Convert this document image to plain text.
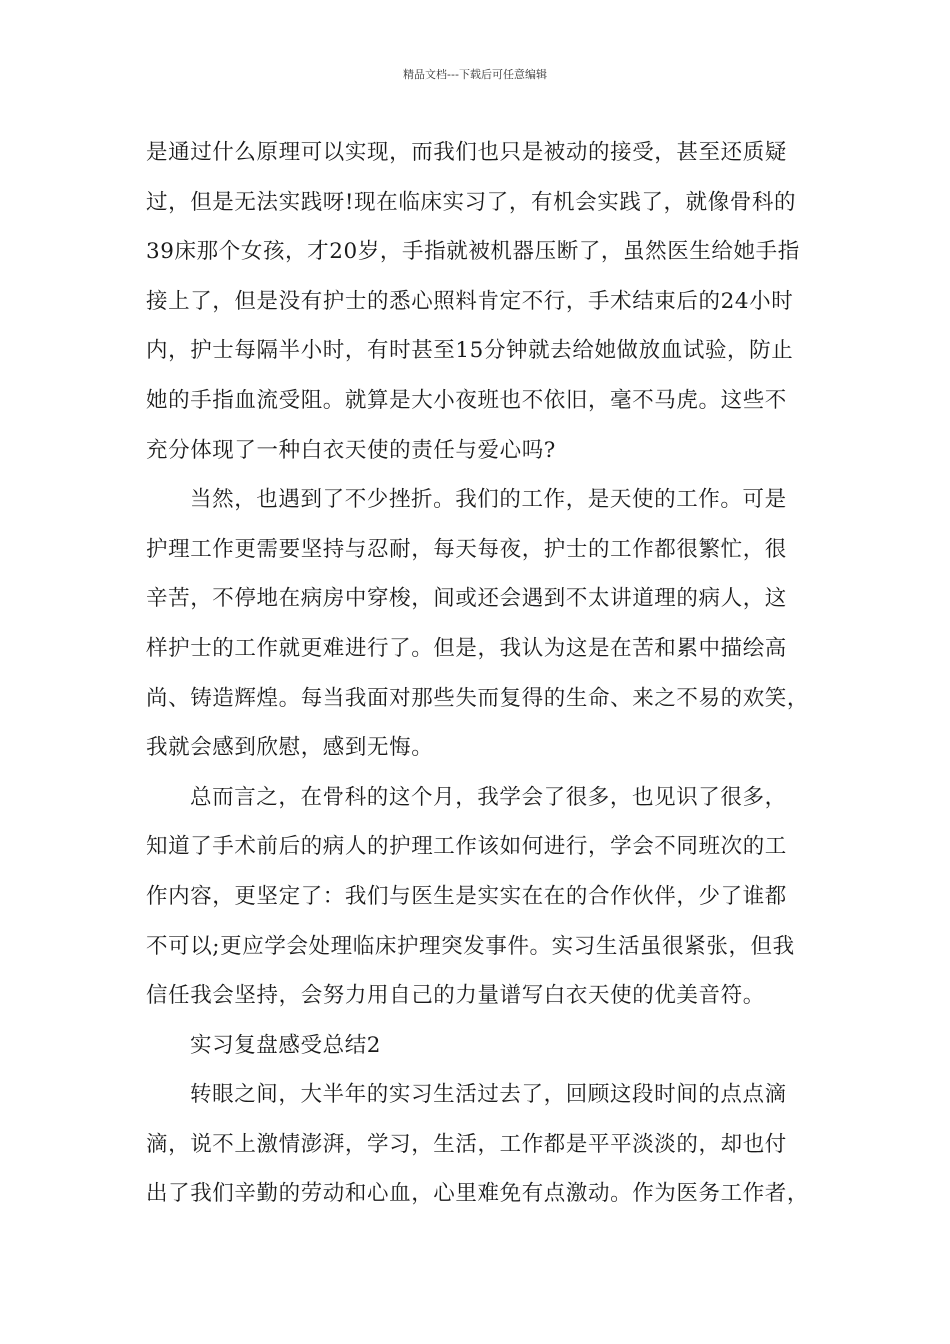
精品文档---下载后可任意编辑
是通过什么原理可以实现，而我们也只是被动的接受，甚至还质疑
过，但是无法实践呀!现在临床实习了，有机会实践了，就像骨科的
39床那个女孩，才20岁，手指就被机器压断了，虽然医生给她手指
接上了，但是没有护士的悉心照料肯定不行，手术结束后的24小时
内，护士每隔半小时，有时甚至15分钟就去给她做放血试验，防止
她的手指血流受阻。就算是大小夜班也不依旧，毫不马虎。这些不
充分体现了一种白衣天使的责任与爱心吗?
当然，也遇到了不少挫折。我们的工作，是天使的工作。可是
护理工作更需要坚持与忍耐，每天每夜，护士的工作都很繁忙，很
辛苦，不停地在病房中穿梭，间或还会遇到不太讲道理的病人，这
样护士的工作就更难进行了。但是，我认为这是在苦和累中描绘高
尚、铸造辉煌。每当我面对那些失而复得的生命、来之不易的欢笑，
我就会感到欣慰，感到无悔。
总而言之，在骨科的这个月，我学会了很多，也见识了很多，
知道了手术前后的病人的护理工作该如何进行，学会不同班次的工
作内容，更坚定了：我们与医生是实实在在的合作伙伴，少了谁都
不可以;更应学会处理临床护理突发事件。实习生活虽很紧张，但我
信任我会坚持，会努力用自己的力量谱写白衣天使的优美音符。
实习复盘感受总结2
转眼之间，大半年的实习生活过去了，回顾这段时间的点点滴
滴，说不上激情澎湃，学习，生活，工作都是平平淡淡的，却也付
出了我们辛勤的劳动和心血，心里难免有点激动。作为医务工作者，
